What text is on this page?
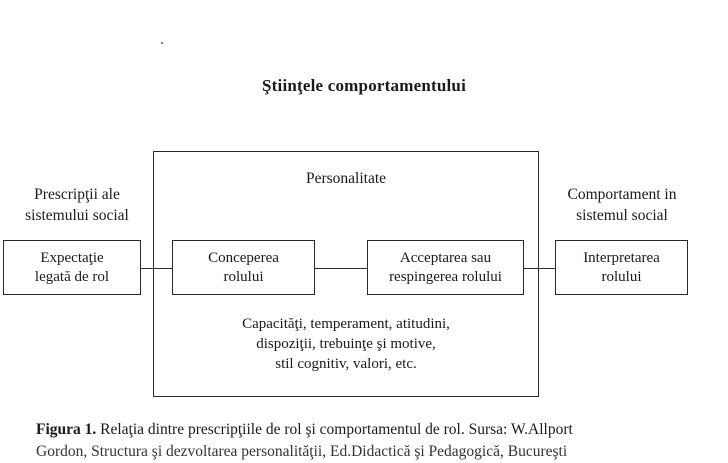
Ştiinţele comportamentului
Personalitate
Prescripţii ale
sistemului social
Comportament in
sistemul social
Expectaţie
legată de rol
Conceperea
rolului
Acceptarea sau
respingerea rolului
Interpretarea
rolului
Capacităţi, temperament, atitudini,
dispoziţii, trebuinţe şi motive,
stil cognitiv, valori, etc.
Figura 1. Relaţia dintre prescripţiile de rol şi comportamentul de rol. Sursa: W.Allport
Gordon, Structura şi dezvoltarea personalităţii, Ed.Didactică şi Pedagogică, Bucureşti
